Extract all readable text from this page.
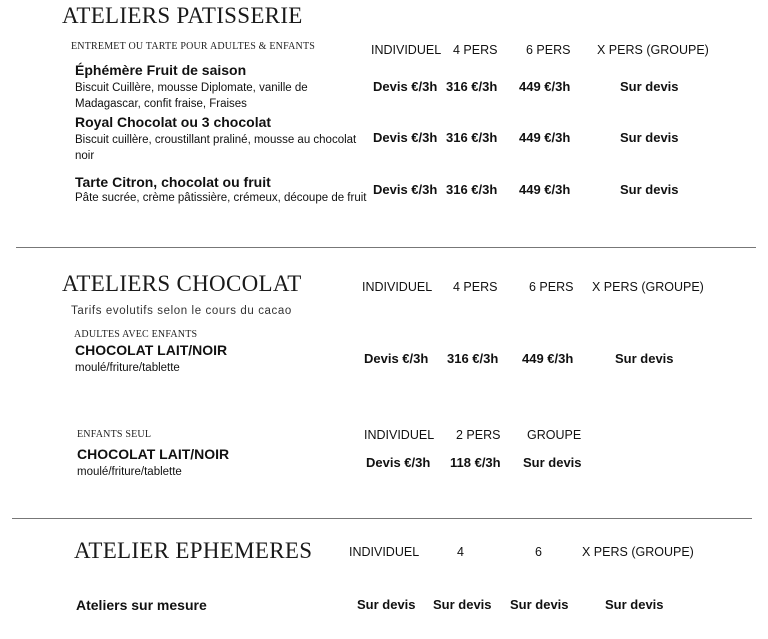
ATELIERS PATISSERIE
ENTREMET OU TARTE POUR ADULTES & ENFANTS	INDIVIDUEL 4 PERS 6 PERS X PERS (GROUPE)
Éphémère Fruit de saison
Biscuit Cuillère, mousse Diplomate, vanille de Madagascar, confit fraise, Fraises
Devis €/3h 316 €/3h 449 €/3h	Sur devis
Royal Chocolat ou 3 chocolat
Biscuit cuillère, croustillant praliné, mousse au chocolat noir
Devis €/3h 316 €/3h 449 €/3h	Sur devis
Tarte Citron, chocolat ou fruit
Pâte sucrée, crème pâtissière, crémeux, découpe de fruit
Devis €/3h 316 €/3h 449 €/3h	Sur devis
ATELIERS CHOCOLAT	INDIVIDUEL 4 PERS	6 PERS X PERS (GROUPE)
Tarifs evolutifs selon le cours du cacao
ADULTES AVEC ENFANTS
CHOCOLAT LAIT/NOIR
moulé/friture/tablette
Devis €/3h 316 €/3h 449 €/3h	Sur devis
ENFANTS SEUL	INDIVIDUEL 2 PERS GROUPE
CHOCOLAT LAIT/NOIR
moulé/friture/tablette
Devis €/3h 118 €/3h Sur devis
ATELIER EPHEMERES	INDIVIDUEL	4	6	X PERS (GROUPE)
Ateliers sur mesure	Sur devis Sur devis Sur devis	Sur devis
